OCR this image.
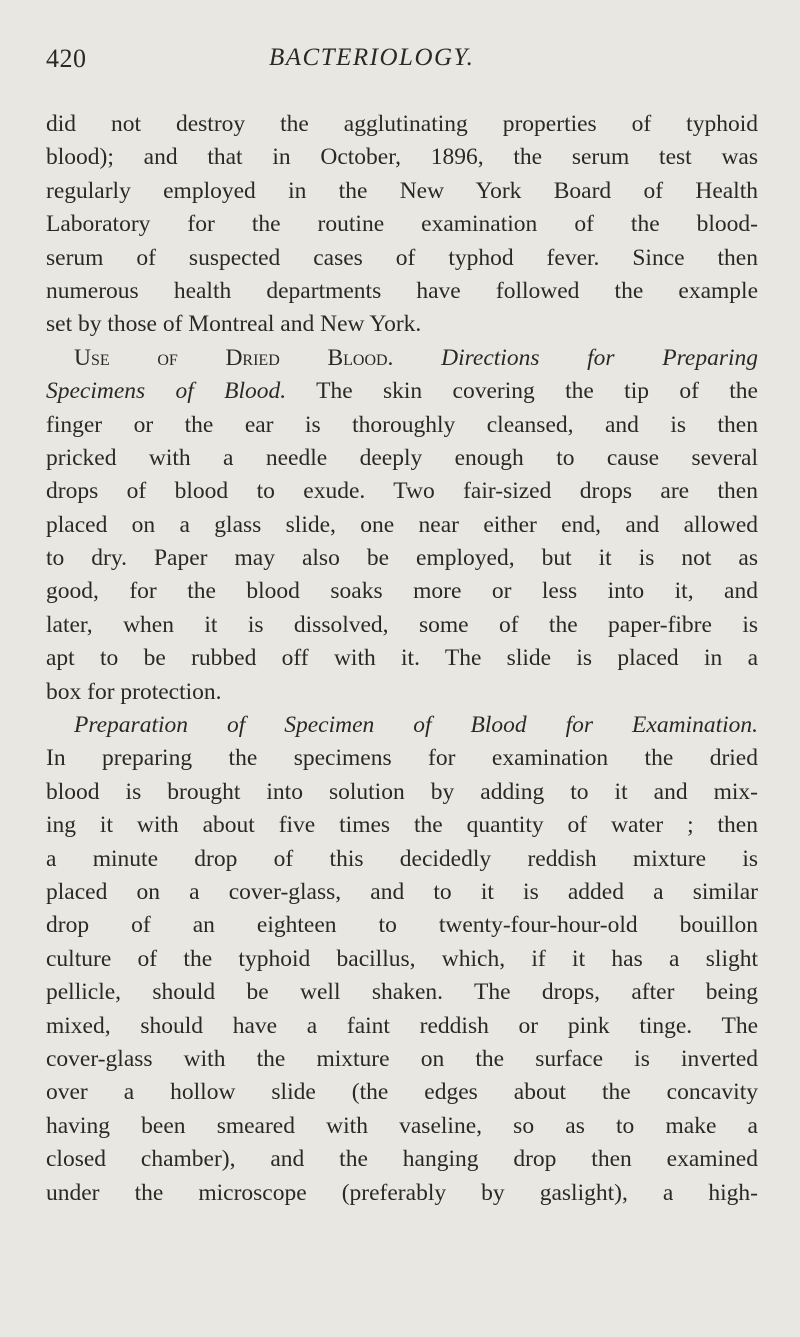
420	BACTERIOLOGY.
did not destroy the agglutinating properties of typhoid
blood); and that in October, 1896, the serum test was
regularly employed in the New York Board of Health
Laboratory for the routine examination of the blood-
serum of suspected cases of typhod fever. Since then
numerous health departments have followed the example
set by those of Montreal and New York.
Use of Dried Blood. Directions for Preparing
Specimens of Blood. The skin covering the tip of the
finger or the ear is thoroughly cleansed, and is then
pricked with a needle deeply enough to cause several
drops of blood to exude. Two fair-sized drops are then
placed on a glass slide, one near either end, and allowed
to dry. Paper may also be employed, but it is not as
good, for the blood soaks more or less into it, and
later, when it is dissolved, some of the paper-fibre is
apt to be rubbed off with it. The slide is placed in a
box for protection.
Preparation of Specimen of Blood for Examination.
In preparing the specimens for examination the dried
blood is brought into solution by adding to it and mix-
ing it with about five times the quantity of water ; then
a minute drop of this decidedly reddish mixture is
placed on a cover-glass, and to it is added a similar
drop of an eighteen to twenty-four-hour-old bouillon
culture of the typhoid bacillus, which, if it has a slight
pellicle, should be well shaken. The drops, after being
mixed, should have a faint reddish or pink tinge. The
cover-glass with the mixture on the surface is inverted
over a hollow slide (the edges about the concavity
having been smeared with vaseline, so as to make a
closed chamber), and the hanging drop then examined
under the microscope (preferably by gaslight), a high-
